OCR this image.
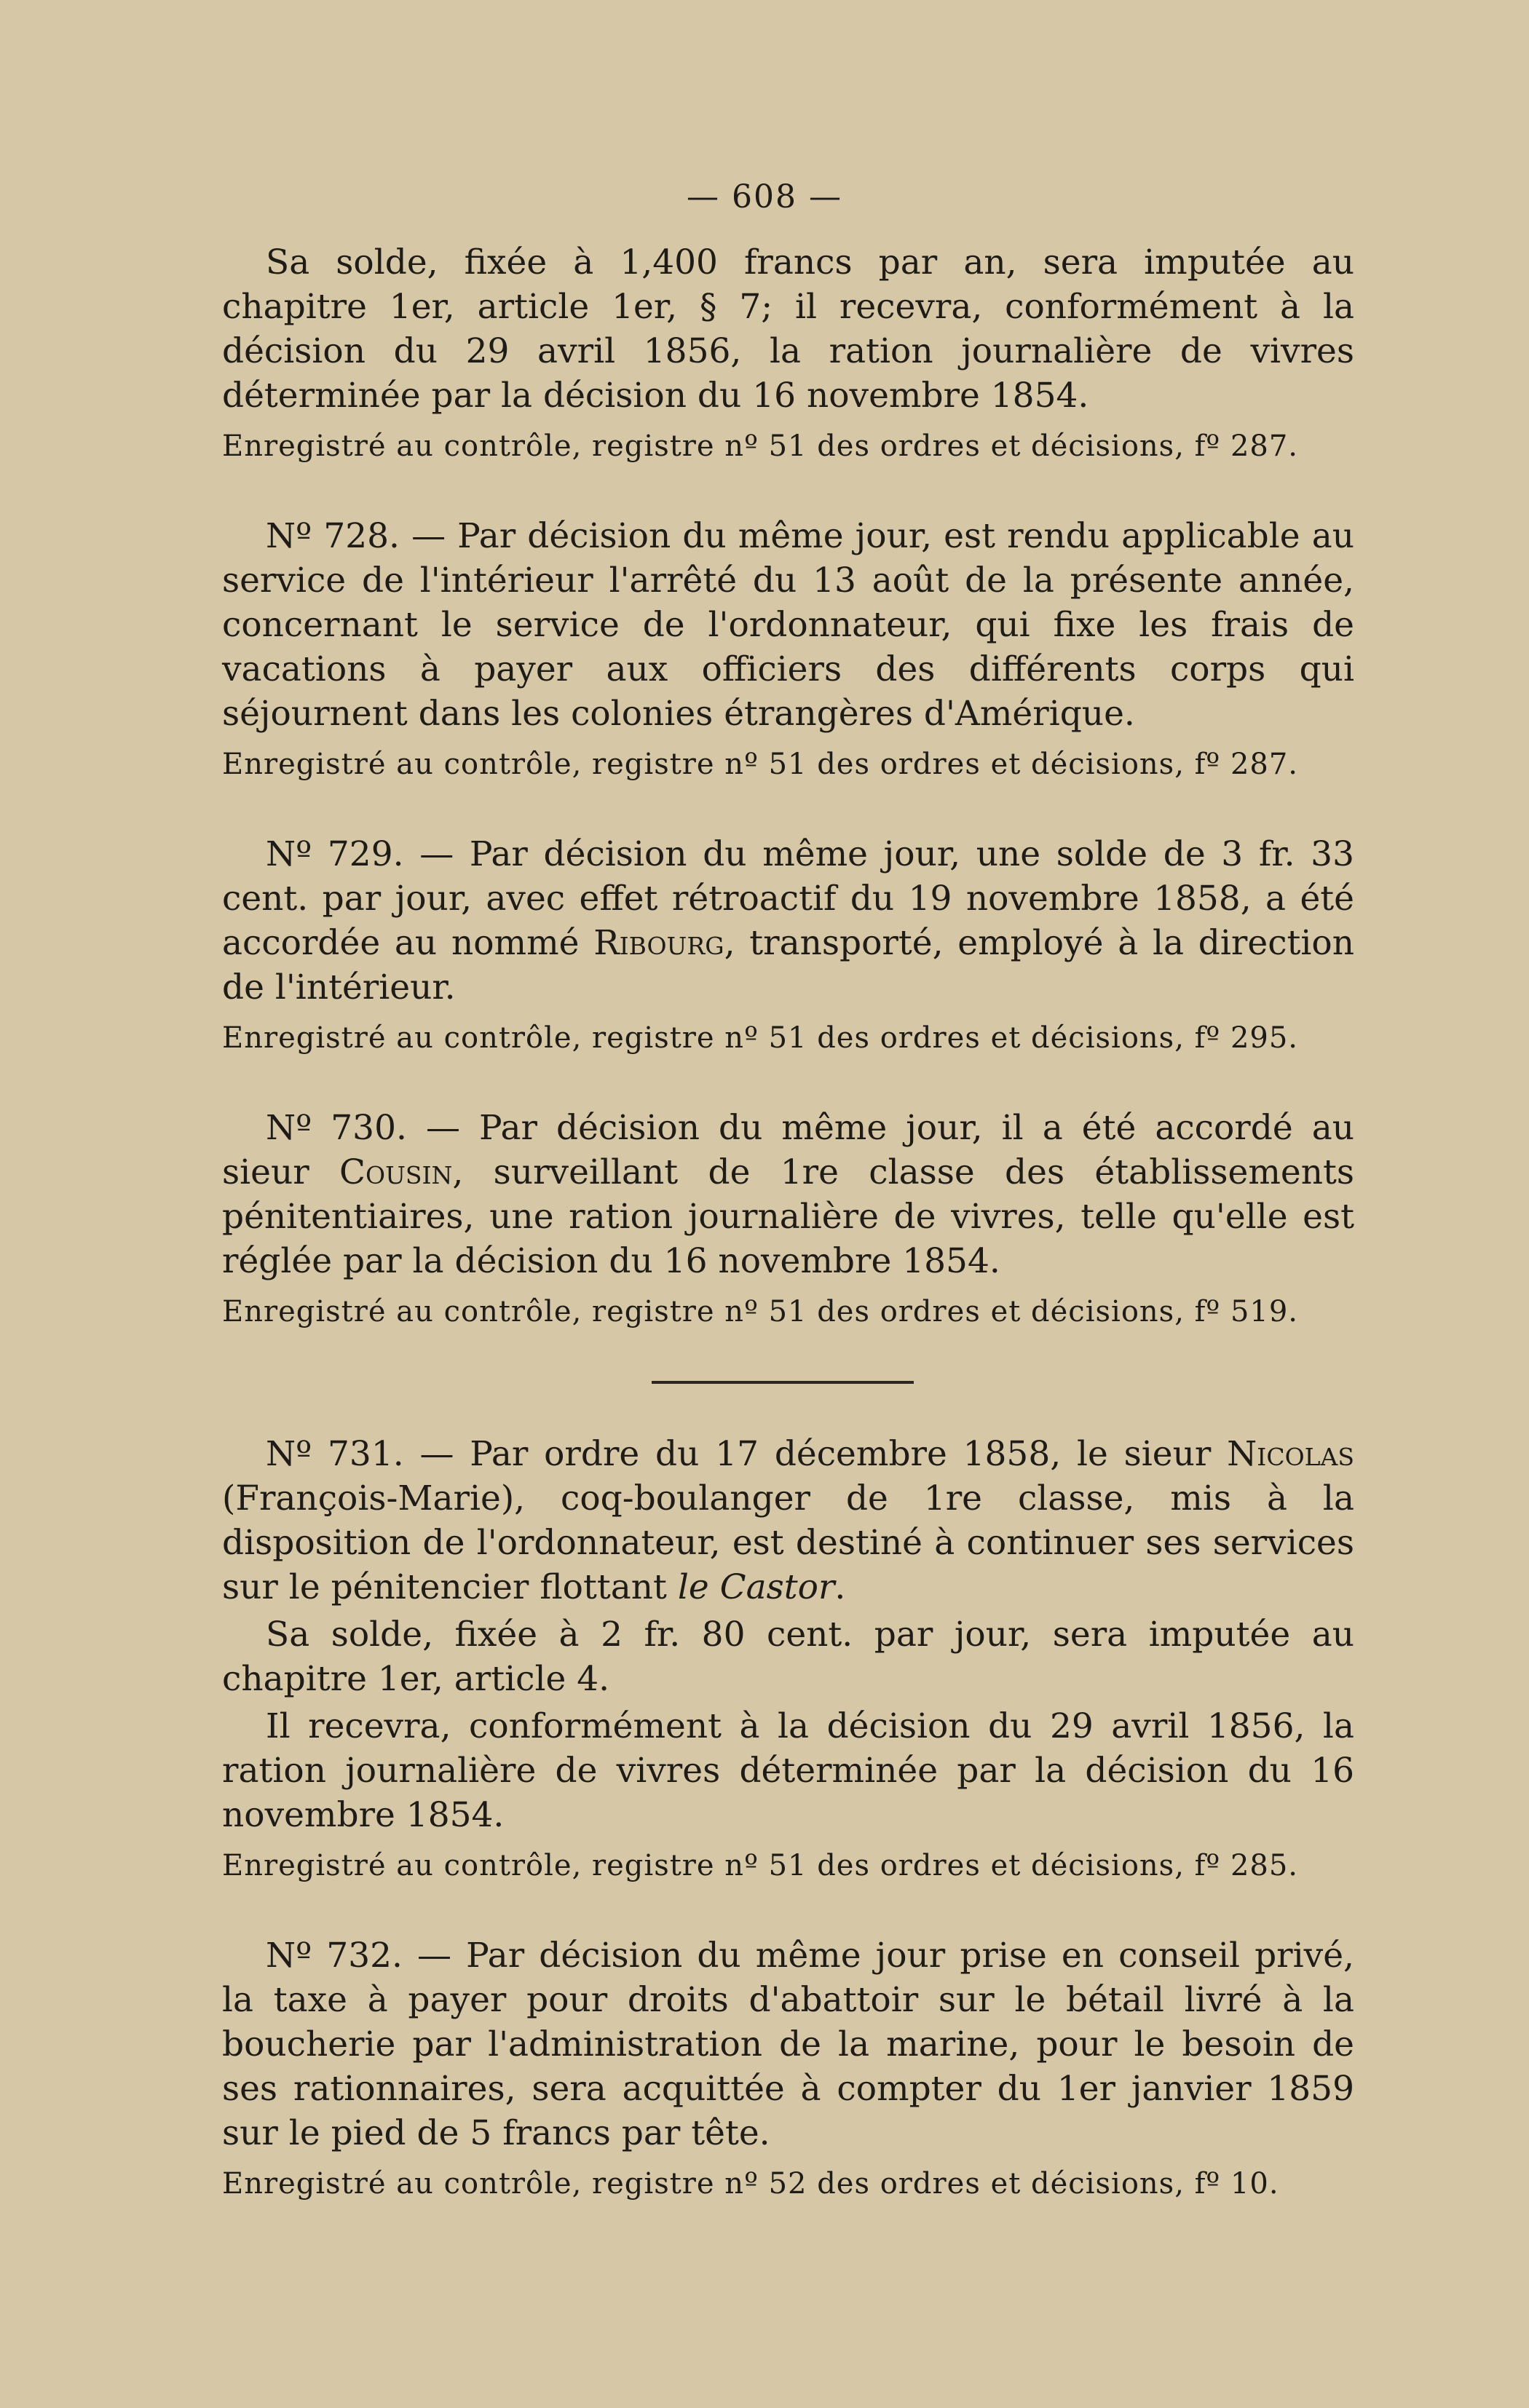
— 608 —

Sa solde, fixée à 1,400 francs par an, sera imputée au chapitre 1er, article 1er, § 7; il recevra, conformément à la décision du 29 avril 1856, la ration journalière de vivres déterminée par la décision du 16 novembre 1854.

Enregistré au contrôle, registre nº 51 des ordres et décisions, fº 287.

Nº 728. — Par décision du même jour, est rendu applicable au service de l'intérieur l'arrêté du 13 août de la présente année, concernant le service de l'ordonnateur, qui fixe les frais de vacations à payer aux officiers des différents corps qui séjournent dans les colonies étrangères d'Amérique.

Enregistré au contrôle, registre nº 51 des ordres et décisions, fº 287.

Nº 729. — Par décision du même jour, une solde de 3 fr. 33 cent. par jour, avec effet rétroactif du 19 novembre 1858, a été accordée au nommé Ribourg, transporté, employé à la direction de l'intérieur.

Enregistré au contrôle, registre nº 51 des ordres et décisions, fº 295.

Nº 730. — Par décision du même jour, il a été accordé au sieur Cousin, surveillant de 1re classe des établissements pénitentiaires, une ration journalière de vivres, telle qu'elle est réglée par la décision du 16 novembre 1854.

Enregistré au contrôle, registre nº 51 des ordres et décisions, fº 519.

Nº 731. — Par ordre du 17 décembre 1858, le sieur Nicolas (François-Marie), coq-boulanger de 1re classe, mis à la disposition de l'ordonnateur, est destiné à continuer ses services sur le pénitencier flottant le Castor.

Sa solde, fixée à 2 fr. 80 cent. par jour, sera imputée au chapitre 1er, article 4.

Il recevra, conformément à la décision du 29 avril 1856, la ration journalière de vivres déterminée par la décision du 16 novembre 1854.

Enregistré au contrôle, registre nº 51 des ordres et décisions, fº 285.

Nº 732. — Par décision du même jour prise en conseil privé, la taxe à payer pour droits d'abattoir sur le bétail livré à la boucherie par l'administration de la marine, pour le besoin de ses rationnaires, sera acquittée à compter du 1er janvier 1859 sur le pied de 5 francs par tête.

Enregistré au contrôle, registre nº 52 des ordres et décisions, fº 10.
